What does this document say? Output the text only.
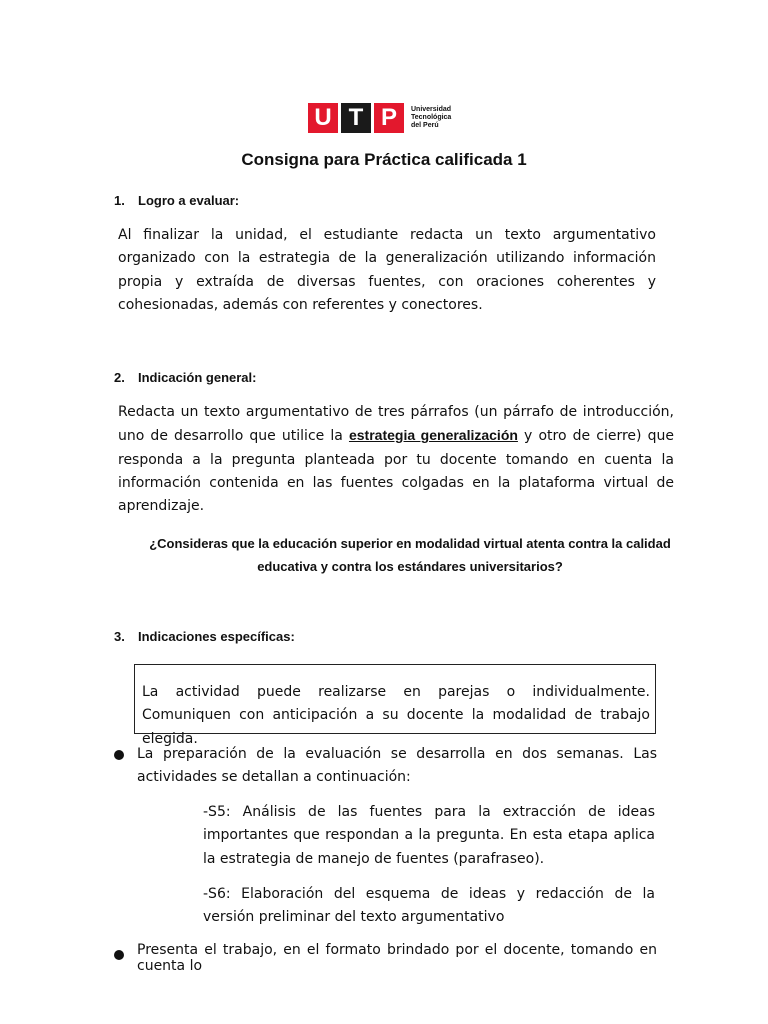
U T P	Universidad
Tecnológica
del Perú
Consigna para Práctica calificada 1
1. Logro a evaluar:
Al finalizar la unidad, el estudiante redacta un texto argumentativo organizado con la estrategia de la generalización utilizando información propia y extraída de diversas fuentes, con oraciones coherentes y cohesionadas, además con referentes y conectores.
2. Indicación general:
Redacta un texto argumentativo de tres párrafos (un párrafo de introducción, uno de desarrollo que utilice la estrategia generalización y otro de cierre) que responda a la pregunta planteada por tu docente tomando en cuenta la información contenida en las fuentes colgadas en la plataforma virtual de aprendizaje.
¿Consideras que la educación superior en modalidad virtual atenta contra la calidad educativa y contra los estándares universitarios?
3. Indicaciones específicas:
La actividad puede realizarse en parejas o individualmente. Comuniquen con anticipación a su docente la modalidad de trabajo elegida.
La preparación de la evaluación se desarrolla en dos semanas. Las actividades se detallan a continuación:
-S5: Análisis de las fuentes para la extracción de ideas importantes que respondan a la pregunta. En esta etapa aplica la estrategia de manejo de fuentes (parafraseo).
-S6: Elaboración del esquema de ideas y redacción de la versión preliminar del texto argumentativo
Presenta el trabajo, en el formato brindado por el docente, tomando en cuenta lo
